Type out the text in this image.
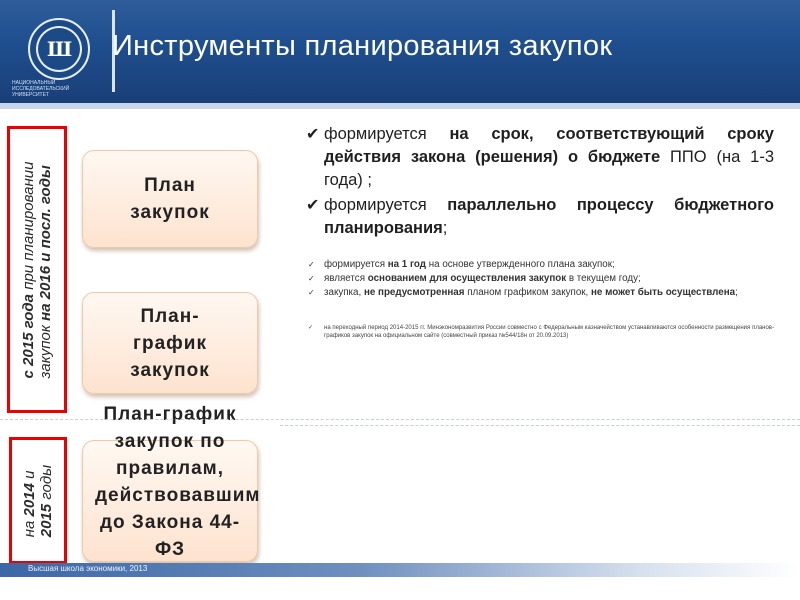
Ш
НАЦИОНАЛЬНЫЙ ИССЛЕДОВАТЕЛЬСКИЙ УНИВЕРСИТЕТ
Инструменты планирования закупок
с 2015 года при планировании
закупок на 2016 и посл. годы
на 2014 и
2015 годы
План закупок
План-график закупок
План-график закупок по правилам, действовавшим до Закона 44-ФЗ
✔ формируется на срок, соответствующий сроку действия закона (решения) о бюджете ППО (на 1-3 года) ;
✔ формируется параллельно процессу бюджетного планирования;
✓ формируется на 1 год на основе утвержденного плана закупок;
✓ является основанием для осуществления закупок в текущем году;
✓ закупка, не предусмотренная планом графиком закупок, не может быть осуществлена;
✓ на переходный период 2014-2015 гг. Минэкономразвития России совместно с Федеральным казначейством устанавливаются особенности размещения планов-графиков закупок на официальном сайте (совместный приказ №544/18н от 20.09.2013)
Высшая школа экономики, 2013
